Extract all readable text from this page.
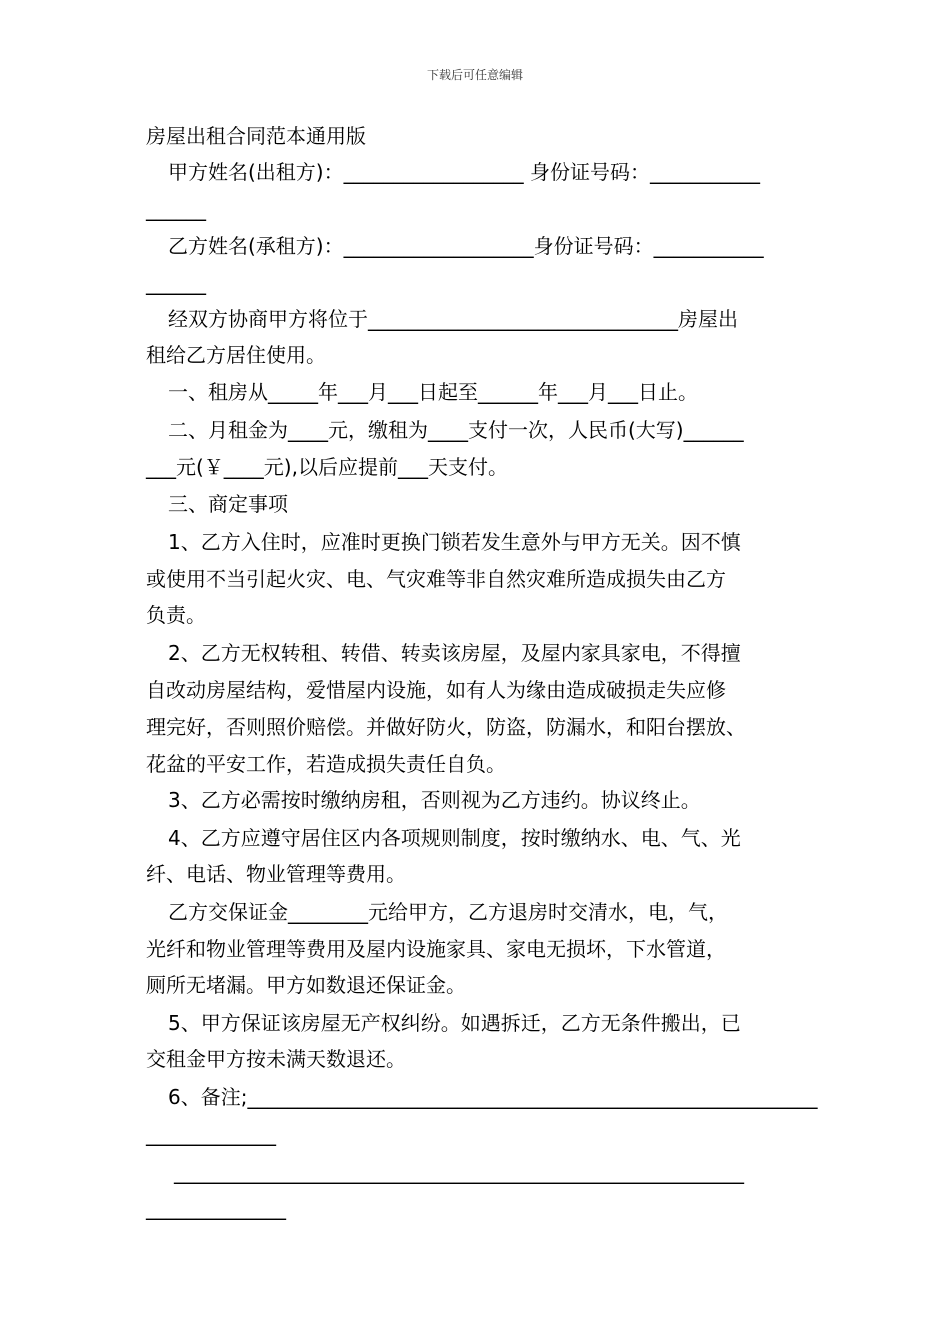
下载后可任意编辑
房屋出租合同范本通用版
甲方姓名(出租方)：__________________ 身份证号码：___________
______
乙方姓名(承租方)：___________________身份证号码：___________
______
经双方协商甲方将位于_______________________________房屋出
租给乙方居住使用。
一、租房从_____年___月___日起至______年___月___日止。
二、月租金为____元，缴租为____支付一次，人民币(大写)______
___元(￥____元),以后应提前___天支付。
三、商定事项
1、乙方入住时，应准时更换门锁若发生意外与甲方无关。因不慎
或使用不当引起火灾、电、气灾难等非自然灾难所造成损失由乙方
负责。
2、乙方无权转租、转借、转卖该房屋，及屋内家具家电，不得擅
自改动房屋结构，爱惜屋内设施，如有人为缘由造成破损走失应修
理完好，否则照价赔偿。并做好防火，防盗，防漏水，和阳台摆放、
花盆的平安工作，若造成损失责任自负。
3、乙方必需按时缴纳房租，否则视为乙方违约。协议终止。
4、乙方应遵守居住区内各项规则制度，按时缴纳水、电、气、光
纤、电话、物业管理等费用。
乙方交保证金________元给甲方，乙方退房时交清水，电，气，
光纤和物业管理等费用及屋内设施家具、家电无损坏，下水管道，
厕所无堵漏。甲方如数退还保证金。
5、甲方保证该房屋无产权纠纷。如遇拆迁，乙方无条件搬出，已
交租金甲方按未满天数退还。
6、备注;_________________________________________________________
_____________
_________________________________________________________
______________
